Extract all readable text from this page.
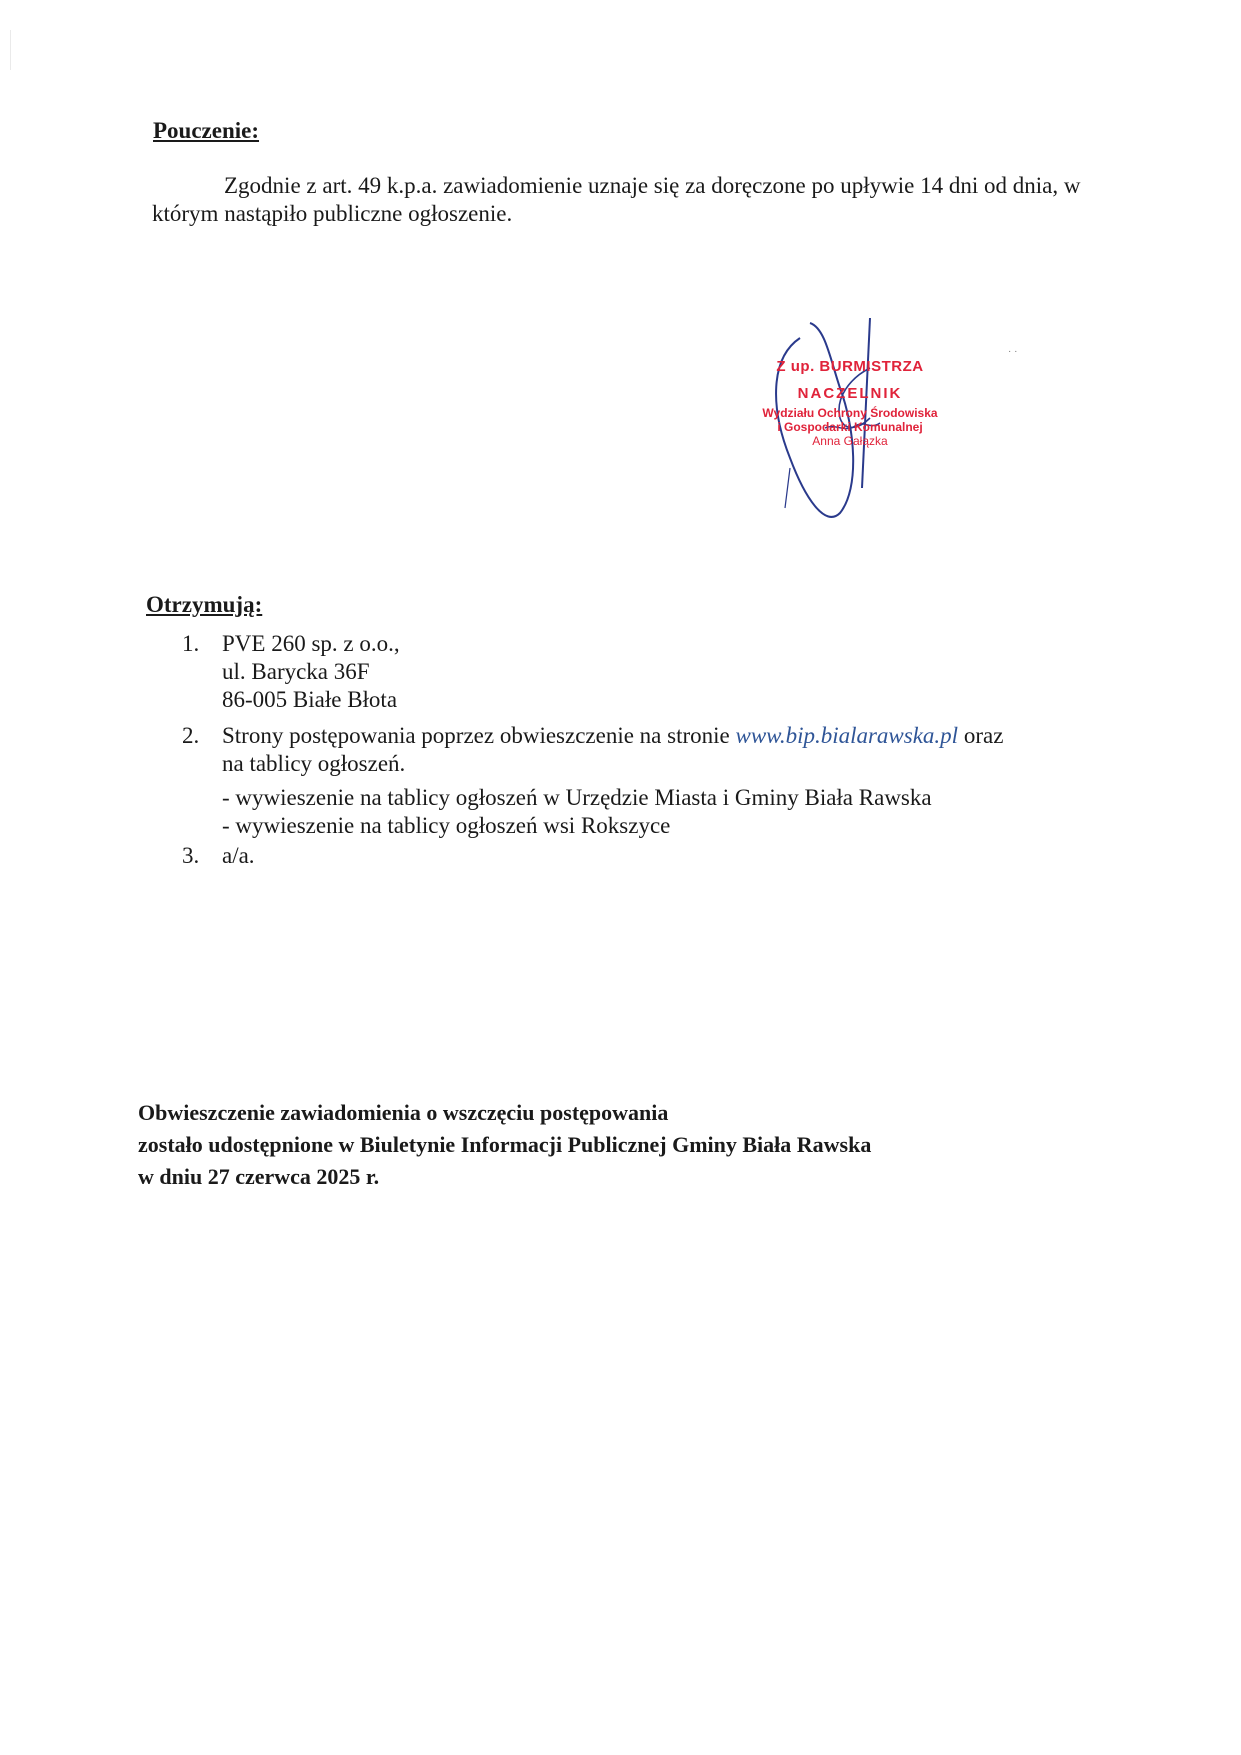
Pouczenie:

Zgodnie z art. 49 k.p.a. zawiadomienie uznaje się za doręczone po upływie 14 dni od dnia, w którym nastąpiło publiczne ogłoszenie.

· ·
Z up. BURMISTRZA
NACZELNIK
Wydziału Ochrony Środowiska
i Gospodarki Komunalnej
Anna Gałązka
Otrzymują:
1. PVE 260 sp. z o.o.,
ul. Barycka 36F
86-005 Białe Błota
2. Strony postępowania poprzez obwieszczenie na stronie www.bip.bialarawska.pl oraz
na tablicy ogłoszeń.
- wywieszenie na tablicy ogłoszeń w Urzędzie Miasta i Gminy Biała Rawska
- wywieszenie na tablicy ogłoszeń wsi Rokszyce
3. a/a.
Obwieszczenie zawiadomienia o wszczęciu postępowania
zostało udostępnione w Biuletynie Informacji Publicznej Gminy Biała Rawska
w dniu 27 czerwca 2025 r.
